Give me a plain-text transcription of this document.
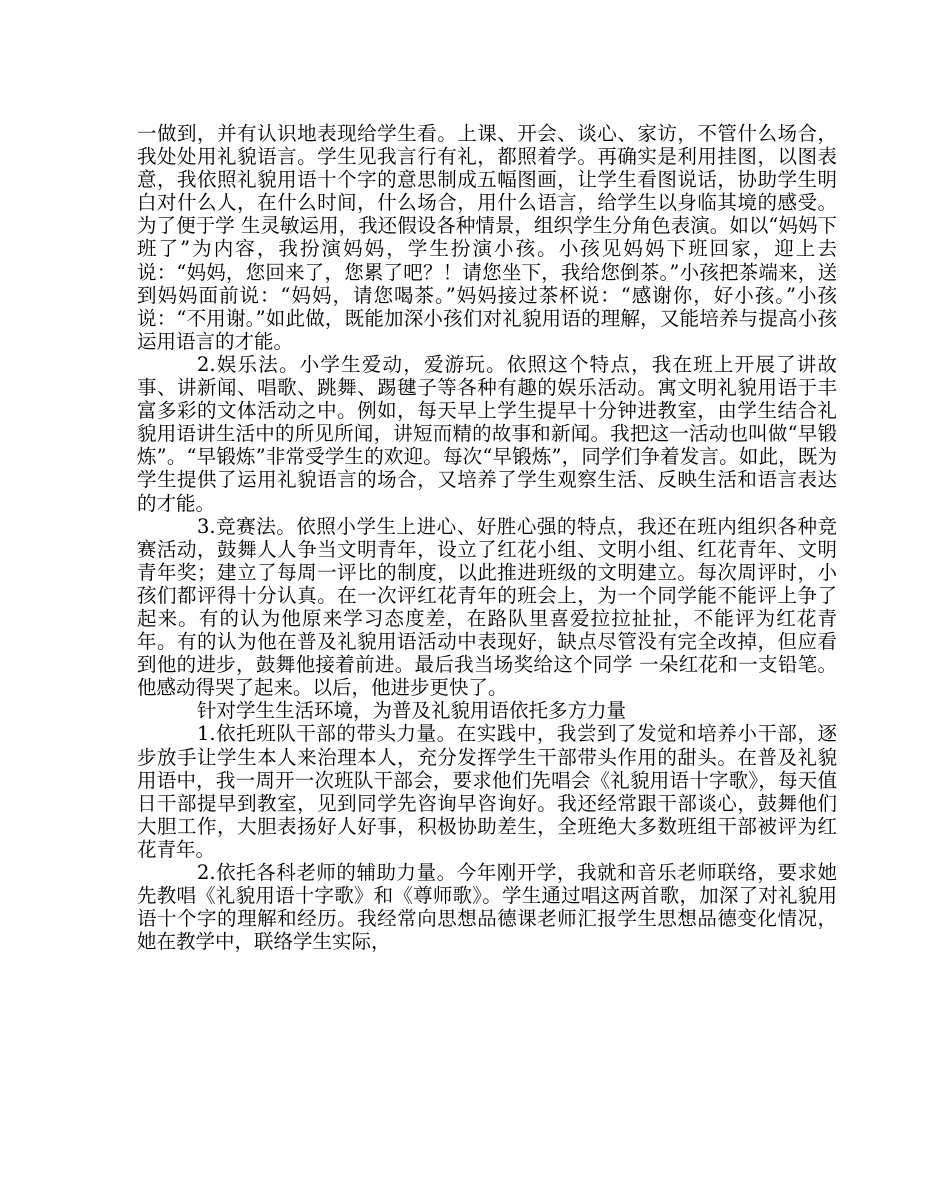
一做到，并有认识地表现给学生看。上课、开会、谈心、家访，不管什么场合，我处处用礼貌语言。学生见我言行有礼，都照着学。再确实是利用挂图，以图表意，我依照礼貌用语十个字的意思制成五幅图画，让学生看图说话，协助学生明白对什么人，在什么时间，什么场合，用什么语言，给学生以身临其境的感受。为了便于学 生灵敏运用，我还假设各种情景，组织学生分角色表演。如以“妈妈下班了”为内容，我扮演妈妈，学生扮演小孩。小孩见妈妈下班回家，迎上去说：“妈妈，您回来了，您累了吧？！请您坐下，我给您倒茶。”小孩把茶端来，送到妈妈面前说：“妈妈，请您喝茶。”妈妈接过茶杯说：“感谢你，好小孩。”小孩说：“不用谢。”如此做，既能加深小孩们对礼貌用语的理解，又能培养与提高小孩运用语言的才能。

2.娱乐法。小学生爱动，爱游玩。依照这个特点，我在班上开展了讲故事、讲新闻、唱歌、跳舞、踢毽子等各种有趣的娱乐活动。寓文明礼貌用语于丰富多彩的文体活动之中。例如，每天早上学生提早十分钟进教室，由学生结合礼貌用语讲生活中的所见所闻，讲短而精的故事和新闻。我把这一活动也叫做“早锻炼”。“早锻炼”非常受学生的欢迎。每次“早锻炼”，同学们争着发言。如此，既为学生提供了运用礼貌语言的场合，又培养了学生观察生活、反映生活和语言表达的才能。

3.竞赛法。依照小学生上进心、好胜心强的特点，我还在班内组织各种竞赛活动，鼓舞人人争当文明青年，设立了红花小组、文明小组、红花青年、文明青年奖；建立了每周一评比的制度，以此推进班级的文明建立。每次周评时，小孩们都评得十分认真。在一次评红花青年的班会上，为一个同学能不能评上争了起来。有的认为他原来学习态度差，在路队里喜爱拉拉扯扯，不能评为红花青年。有的认为他在普及礼貌用语活动中表现好，缺点尽管没有完全改掉，但应看到他的进步，鼓舞他接着前进。最后我当场奖给这个同学 一朵红花和一支铅笔。他感动得哭了起来。以后，他进步更快了。

针对学生生活环境，为普及礼貌用语依托多方力量

1.依托班队干部的带头力量。在实践中，我尝到了发觉和培养小干部，逐步放手让学生本人来治理本人，充分发挥学生干部带头作用的甜头。在普及礼貌用语中，我一周开一次班队干部会，要求他们先唱会《礼貌用语十字歌》，每天值日干部提早到教室，见到同学先咨询早咨询好。我还经常跟干部谈心，鼓舞他们大胆工作，大胆表扬好人好事，积极协助差生，全班绝大多数班组干部被评为红花青年。

2.依托各科老师的辅助力量。今年刚开学，我就和音乐老师联络，要求她先教唱《礼貌用语十字歌》和《尊师歌》。学生通过唱这两首歌，加深了对礼貌用语十个字的理解和经历。我经常向思想品德课老师汇报学生思想品德变化情况，她在教学中，联络学生实际，
